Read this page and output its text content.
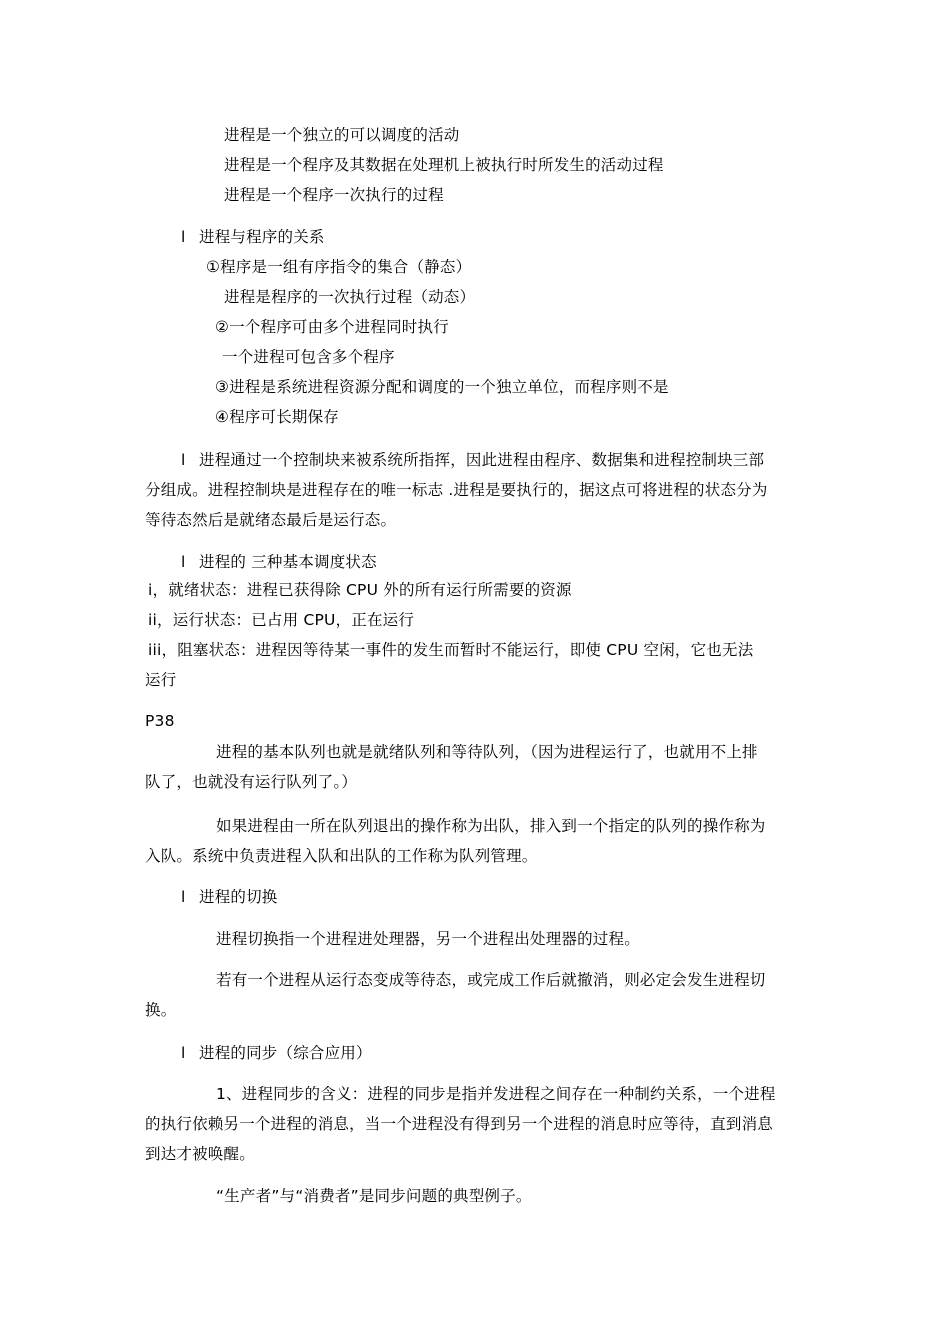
进程是一个独立的可以调度的活动
进程是一个程序及其数据在处理机上被执行时所发生的活动过程
进程是一个程序一次执行的过程
l 进程与程序的关系
①程序是一组有序指令的集合（静态）
进程是程序的一次执行过程（动态）
②一个程序可由多个进程同时执行
一个进程可包含多个程序
③进程是系统进程资源分配和调度的一个独立单位，而程序则不是
④程序可长期保存
l 进程通过一个控制块来被系统所指挥，因此进程由程序、数据集和进程控制块三部
分组成。进程控制块是进程存在的唯一标志 .进程是要执行的，据这点可将进程的状态分为
等待态然后是就绪态最后是运行态。
l 进程的 三种基本调度状态
i，就绪状态：进程已获得除 CPU 外的所有运行所需要的资源
ii，运行状态：已占用 CPU，正在运行
iii，阻塞状态：进程因等待某一事件的发生而暂时不能运行，即使 CPU 空闲，它也无法
运行
P38
进程的基本队列也就是就绪队列和等待队列，（因为进程运行了，也就用不上排
队了，也就没有运行队列了。）
如果进程由一所在队列退出的操作称为出队，排入到一个指定的队列的操作称为
入队。系统中负责进程入队和出队的工作称为队列管理。
l 进程的切换
进程切换指一个进程进处理器，另一个进程出处理器的过程。
若有一个进程从运行态变成等待态，或完成工作后就撤消，则必定会发生进程切
换。
l 进程的同步（综合应用）
1、进程同步的含义：进程的同步是指并发进程之间存在一种制约关系，一个进程
的执行依赖另一个进程的消息，当一个进程没有得到另一个进程的消息时应等待，直到消息
到达才被唤醒。
“生产者”与“消费者”是同步问题的典型例子。
